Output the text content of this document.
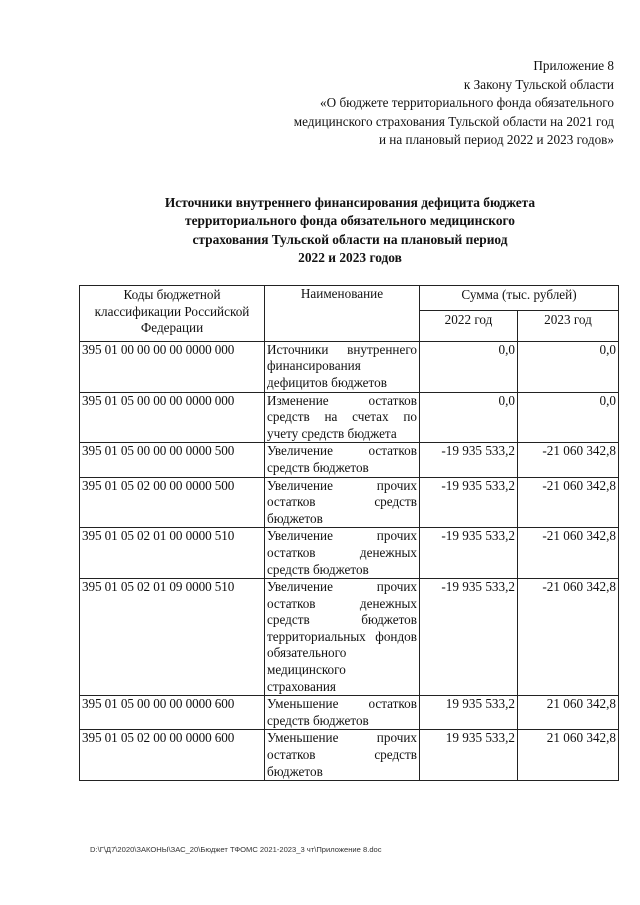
Приложение 8
к Закону Тульской области
«О бюджете территориального фонда обязательного
медицинского страхования Тульской области на 2021 год
и на плановый период 2022 и 2023 годов»
Источники внутреннего финансирования дефицита бюджета
территориального фонда обязательного медицинского
страхования Тульской области на плановый период
2022 и 2023 годов
Коды бюджетной классификации Российской Федерации	Наименование	Сумма (тыс. рублей)	
		2022 год	2023 год
395 01 00 00 00 00 0000 000	Источники внутреннего финансирования дефицитов бюджетов	0,0	0,0
395 01 05 00 00 00 0000 000	Изменение остатков средств на счетах по учету средств бюджета	0,0	0,0
395 01 05 00 00 00 0000 500	Увеличение остатков средств бюджетов	-19 935 533,2	-21 060 342,8
395 01 05 02 00 00 0000 500	Увеличение прочих остатков средств бюджетов	-19 935 533,2	-21 060 342,8
395 01 05 02 01 00 0000 510	Увеличение прочих остатков денежных средств бюджетов	-19 935 533,2	-21 060 342,8
395 01 05 02 01 09 0000 510	Увеличение прочих остатков денежных средств бюджетов территориальных фондов обязательного медицинского страхования	-19 935 533,2	-21 060 342,8
395 01 05 00 00 00 0000 600	Уменьшение остатков средств бюджетов	19 935 533,2	21 060 342,8
395 01 05 02 00 00 0000 600	Уменьшение прочих остатков средств бюджетов	19 935 533,2	21 060 342,8
D:\Г\Д7\2020\ЗАКОНЫ\ЗАС_20\Бюджет ТФОМС 2021-2023_3 чт\Приложение 8.doc
